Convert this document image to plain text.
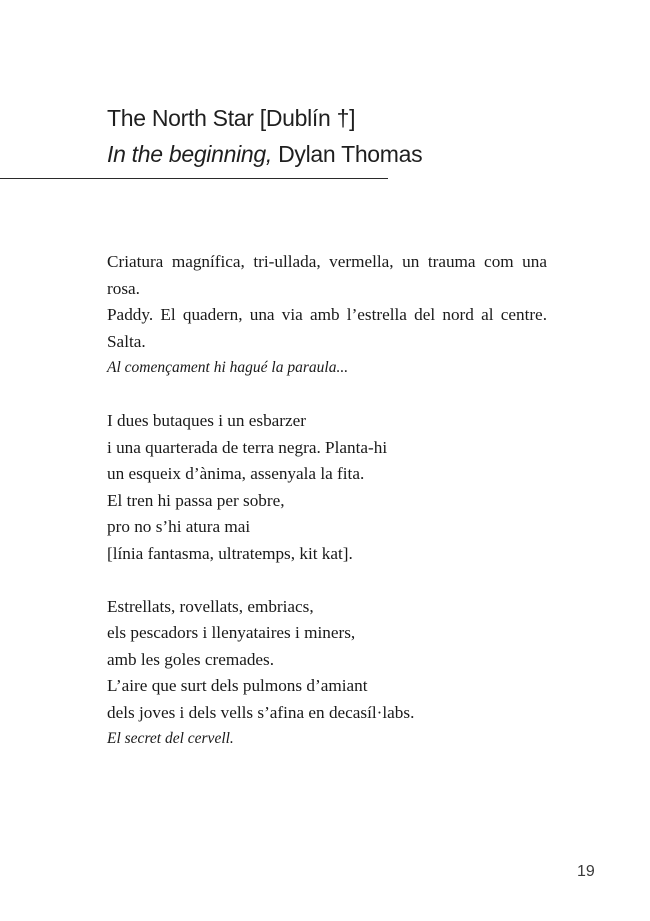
The North Star [Dublín †]
In the beginning, Dylan Thomas
Criatura magnífica, tri-ullada, vermella, un trauma com una
rosa.
Paddy. El quadern, una via amb l’estrella del nord al centre.
Salta.
Al començament hi hagué la paraula...
I dues butaques i un esbarzer
i una quarterada de terra negra. Planta-hi
un esqueix d’ànima, assenyala la fita.
El tren hi passa per sobre,
pro no s’hi atura mai
[línia fantasma, ultratemps, kit kat].
Estrellats, rovellats, embriacs,
els pescadors i llenyataires i miners,
amb les goles cremades.
L’aire que surt dels pulmons d’amiant
dels joves i dels vells s’afina en decasíl·labs.
El secret del cervell.
19
